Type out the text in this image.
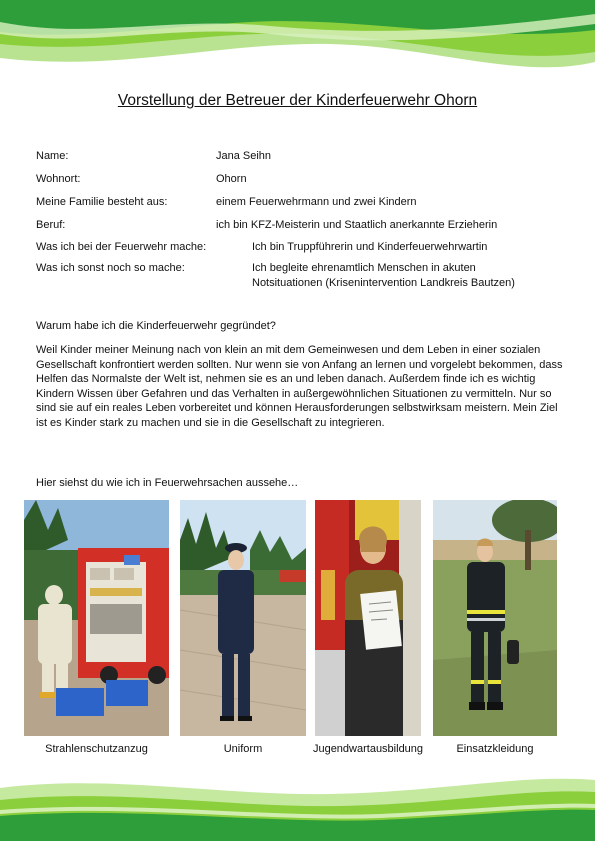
Vorstellung der Betreuer der Kinderfeuerwehr Ohorn
Name:	Jana Seihn
Wohnort:	Ohorn
Meine Familie besteht aus:	einem Feuerwehrmann und zwei Kindern
Beruf:	ich bin KFZ-Meisterin und Staatlich anerkannte Erzieherin
Was ich bei der Feuerwehr mache:	Ich bin Truppführerin und Kinderfeuerwehrwartin
Was ich sonst noch so mache:	Ich begleite ehrenamtlich Menschen in akuten
Notsituationen (Krisenintervention Landkreis Bautzen)
Warum habe ich die Kinderfeuerwehr gegründet?
Weil Kinder meiner Meinung nach von klein an mit dem Gemeinwesen und dem Leben in einer sozialen Gesellschaft konfrontiert werden sollten. Nur wenn sie von Anfang an lernen und vorgelebt bekommen, dass Helfen das Normalste der Welt ist, nehmen sie es an und leben danach. Außerdem finde ich es wichtig Kindern Wissen über Gefahren und das Verhalten in außergewöhnlichen Situationen zu vermitteln. Nur so sind sie auf ein reales Leben vorbereitet und können Herausforderungen selbstwirksam meistern. Mein Ziel ist es Kinder stark zu machen und sie in die Gesellschaft zu integrieren.
Hier siehst du wie ich in Feuerwehrsachen aussehe…
Strahlenschutzanzug	Uniform	Jugendwartausbildung	Einsatzkleidung
